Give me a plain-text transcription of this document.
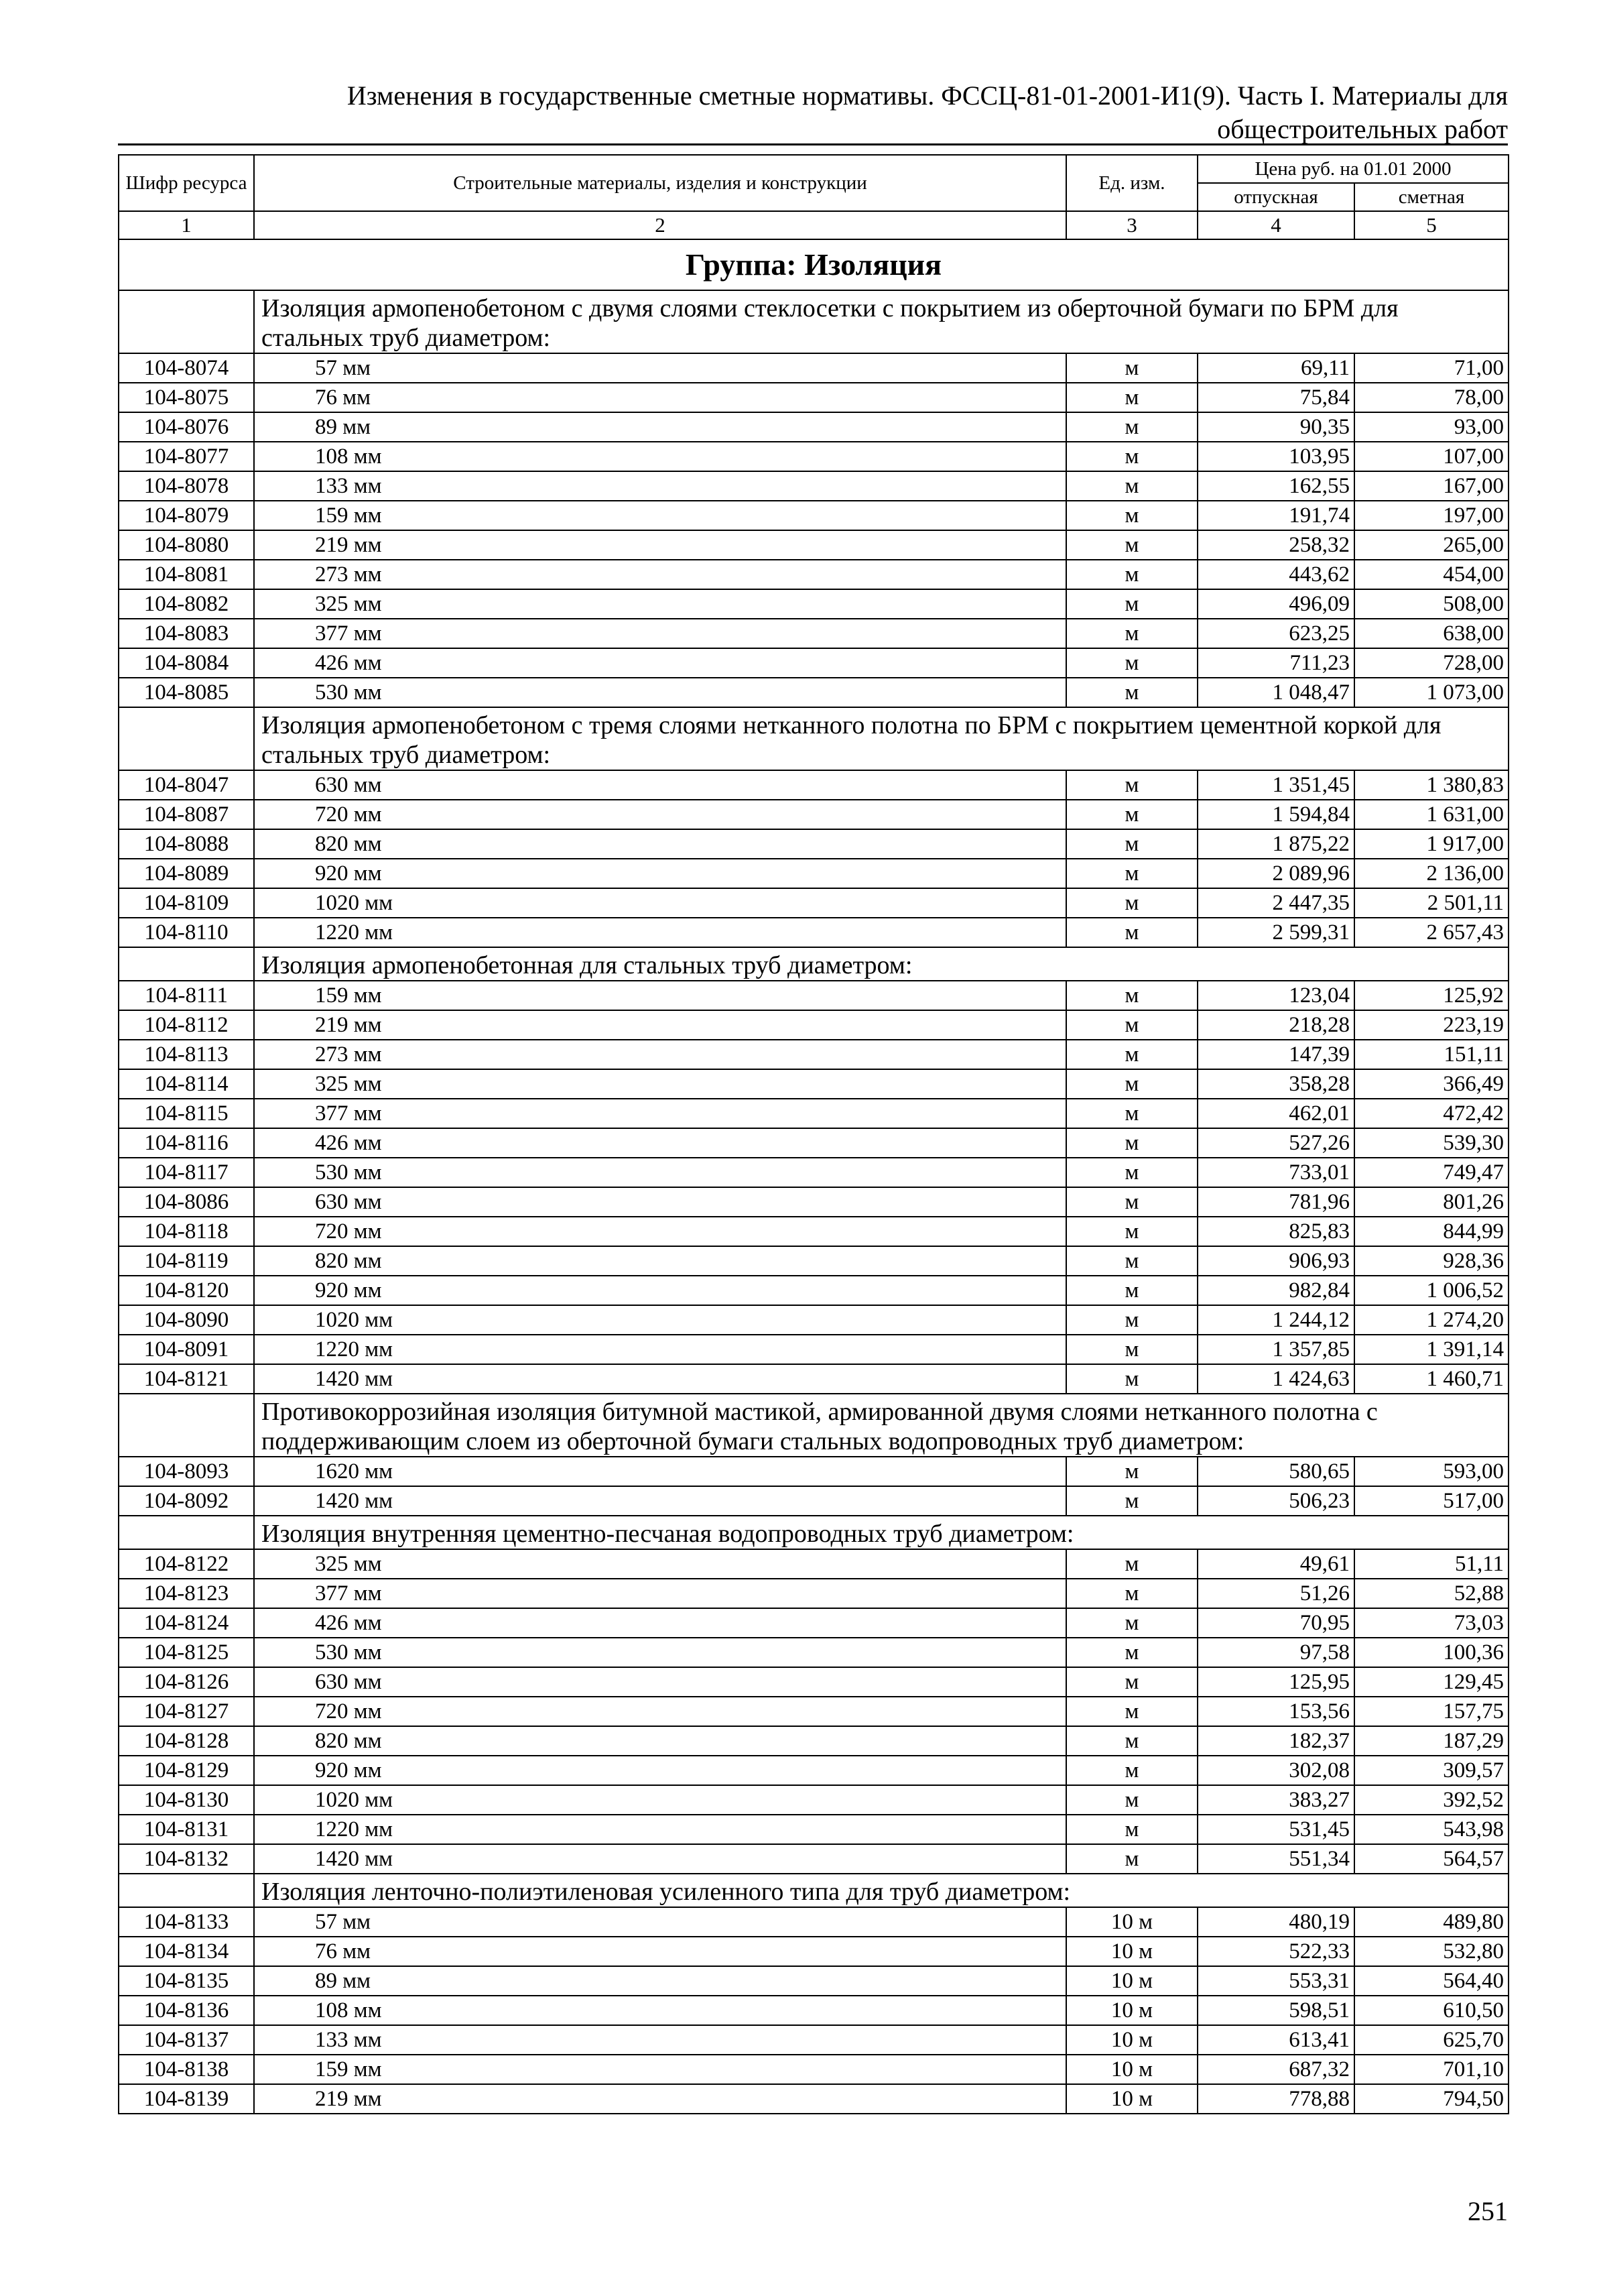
Изменения в государственные сметные нормативы. ФССЦ-81-01-2001-И1(9). Часть I. Материалы для
общестроительных работ
Шифр ресурса	Строительные материалы, изделия и конструкции	Ед. изм.	Цена руб. на 01.01 2000	
			отпускная	сметная
1	2	3	4	5
Группа: Изоляция				
	Изоляция армопенобетоном с двумя слоями стеклосетки с покрытием из оберточной бумаги по БРМ для стальных труб диаметром:			
104-8074	57 мм	м	69,11	71,00
104-8075	76 мм	м	75,84	78,00
104-8076	89 мм	м	90,35	93,00
104-8077	108 мм	м	103,95	107,00
104-8078	133 мм	м	162,55	167,00
104-8079	159 мм	м	191,74	197,00
104-8080	219 мм	м	258,32	265,00
104-8081	273 мм	м	443,62	454,00
104-8082	325 мм	м	496,09	508,00
104-8083	377 мм	м	623,25	638,00
104-8084	426 мм	м	711,23	728,00
104-8085	530 мм	м	1 048,47	1 073,00
	Изоляция армопенобетоном с тремя слоями нетканного полотна по БРМ с покрытием цементной коркой для стальных труб диаметром:			
104-8047	630 мм	м	1 351,45	1 380,83
104-8087	720 мм	м	1 594,84	1 631,00
104-8088	820 мм	м	1 875,22	1 917,00
104-8089	920 мм	м	2 089,96	2 136,00
104-8109	1020 мм	м	2 447,35	2 501,11
104-8110	1220 мм	м	2 599,31	2 657,43
	Изоляция армопенобетонная для стальных труб диаметром:			
104-8111	159 мм	м	123,04	125,92
104-8112	219 мм	м	218,28	223,19
104-8113	273 мм	м	147,39	151,11
104-8114	325 мм	м	358,28	366,49
104-8115	377 мм	м	462,01	472,42
104-8116	426 мм	м	527,26	539,30
104-8117	530 мм	м	733,01	749,47
104-8086	630 мм	м	781,96	801,26
104-8118	720 мм	м	825,83	844,99
104-8119	820 мм	м	906,93	928,36
104-8120	920 мм	м	982,84	1 006,52
104-8090	1020 мм	м	1 244,12	1 274,20
104-8091	1220 мм	м	1 357,85	1 391,14
104-8121	1420 мм	м	1 424,63	1 460,71
	Противокоррозийная изоляция битумной мастикой, армированной двумя слоями нетканного полотна с поддерживающим слоем из оберточной бумаги стальных водопроводных труб диаметром:			
104-8093	1620 мм	м	580,65	593,00
104-8092	1420 мм	м	506,23	517,00
	Изоляция внутренняя цементно-песчаная водопроводных труб диаметром:			
104-8122	325 мм	м	49,61	51,11
104-8123	377 мм	м	51,26	52,88
104-8124	426 мм	м	70,95	73,03
104-8125	530 мм	м	97,58	100,36
104-8126	630 мм	м	125,95	129,45
104-8127	720 мм	м	153,56	157,75
104-8128	820 мм	м	182,37	187,29
104-8129	920 мм	м	302,08	309,57
104-8130	1020 мм	м	383,27	392,52
104-8131	1220 мм	м	531,45	543,98
104-8132	1420 мм	м	551,34	564,57
	Изоляция ленточно-полиэтиленовая усиленного типа для труб диаметром:			
104-8133	57 мм	10 м	480,19	489,80
104-8134	76 мм	10 м	522,33	532,80
104-8135	89 мм	10 м	553,31	564,40
104-8136	108 мм	10 м	598,51	610,50
104-8137	133 мм	10 м	613,41	625,70
104-8138	159 мм	10 м	687,32	701,10
104-8139	219 мм	10 м	778,88	794,50
251
